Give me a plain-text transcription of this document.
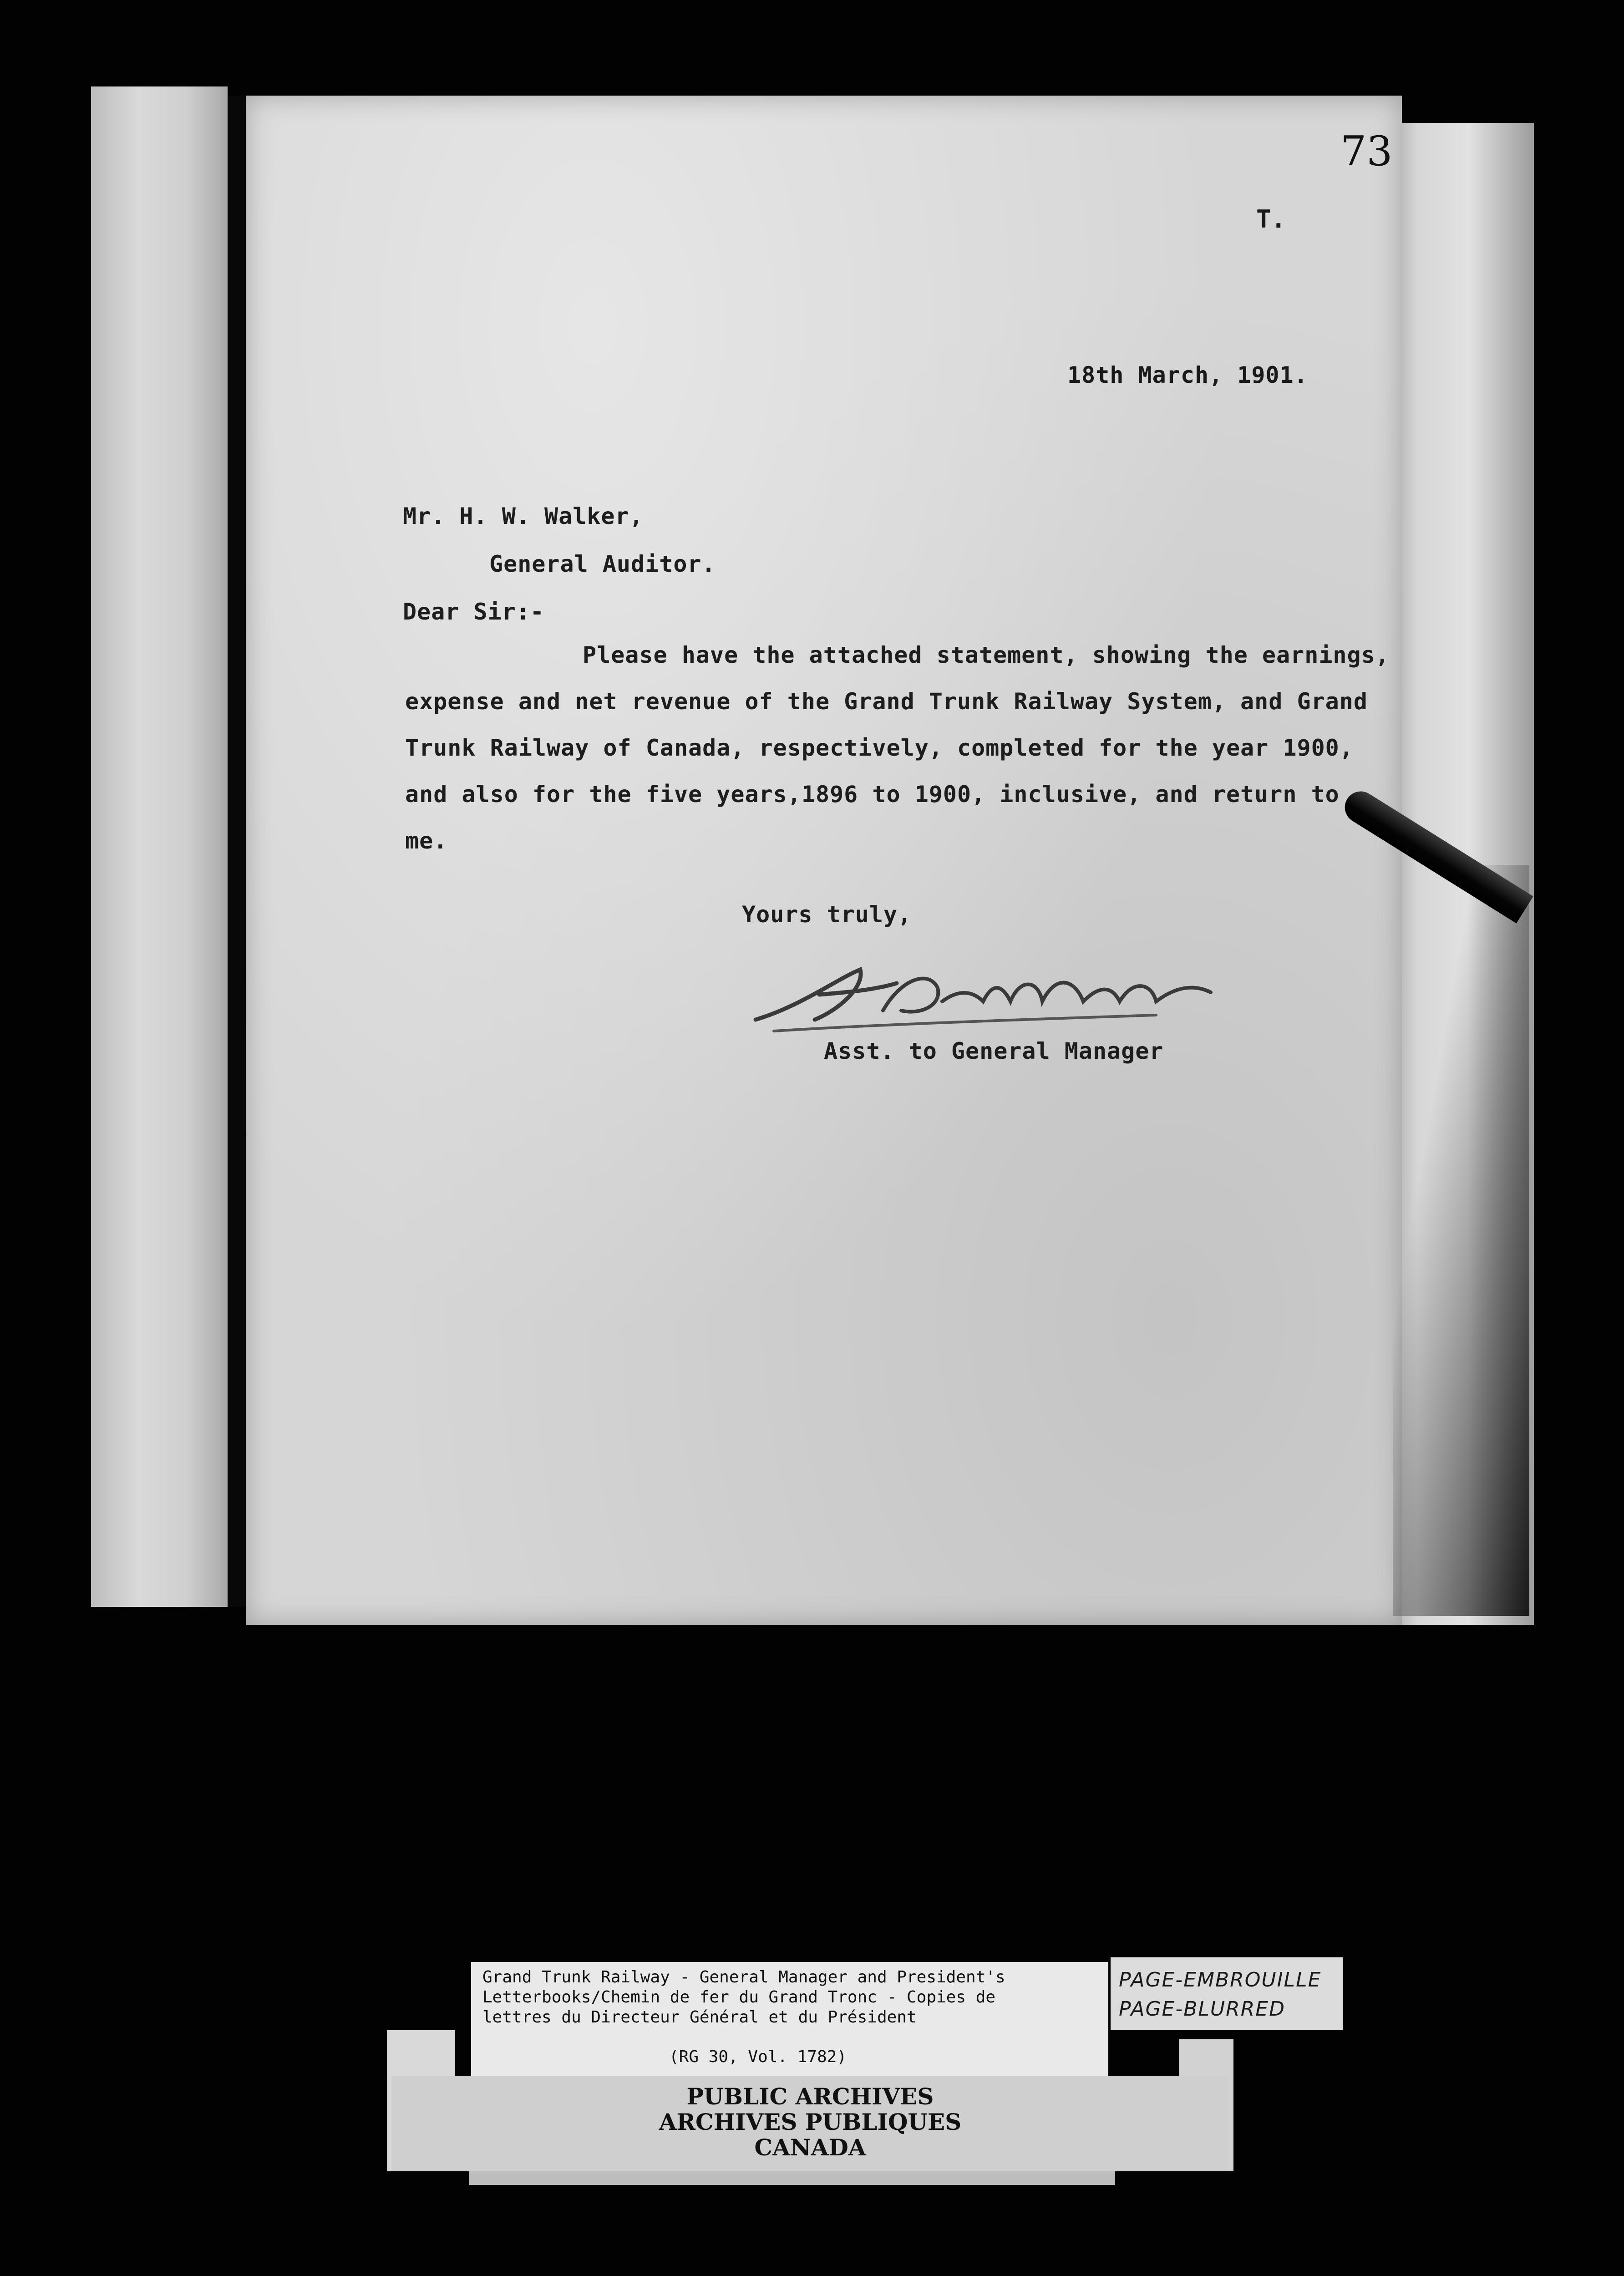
73
T.
18th March, 1901.
Mr. H. W. Walker,
General Auditor.
Dear Sir:-
Please have the attached statement, showing the earnings,
expense and net revenue of the Grand Trunk Railway System, and Grand
Trunk Railway of Canada, respectively, completed for the year 1900,
and also for the five years,1896 to 1900, inclusive, and return to
me.
Yours truly,
Asst. to General Manager
Grand Trunk Railway - General Manager and President's
Letterbooks/Chemin de fer du Grand Tronc - Copies de
lettres du Directeur Général et du Président
(RG 30, Vol. 1782)
PAGE-EMBROUILLE
PAGE-BLURRED
PUBLIC ARCHIVES
ARCHIVES PUBLIQUES
CANADA
